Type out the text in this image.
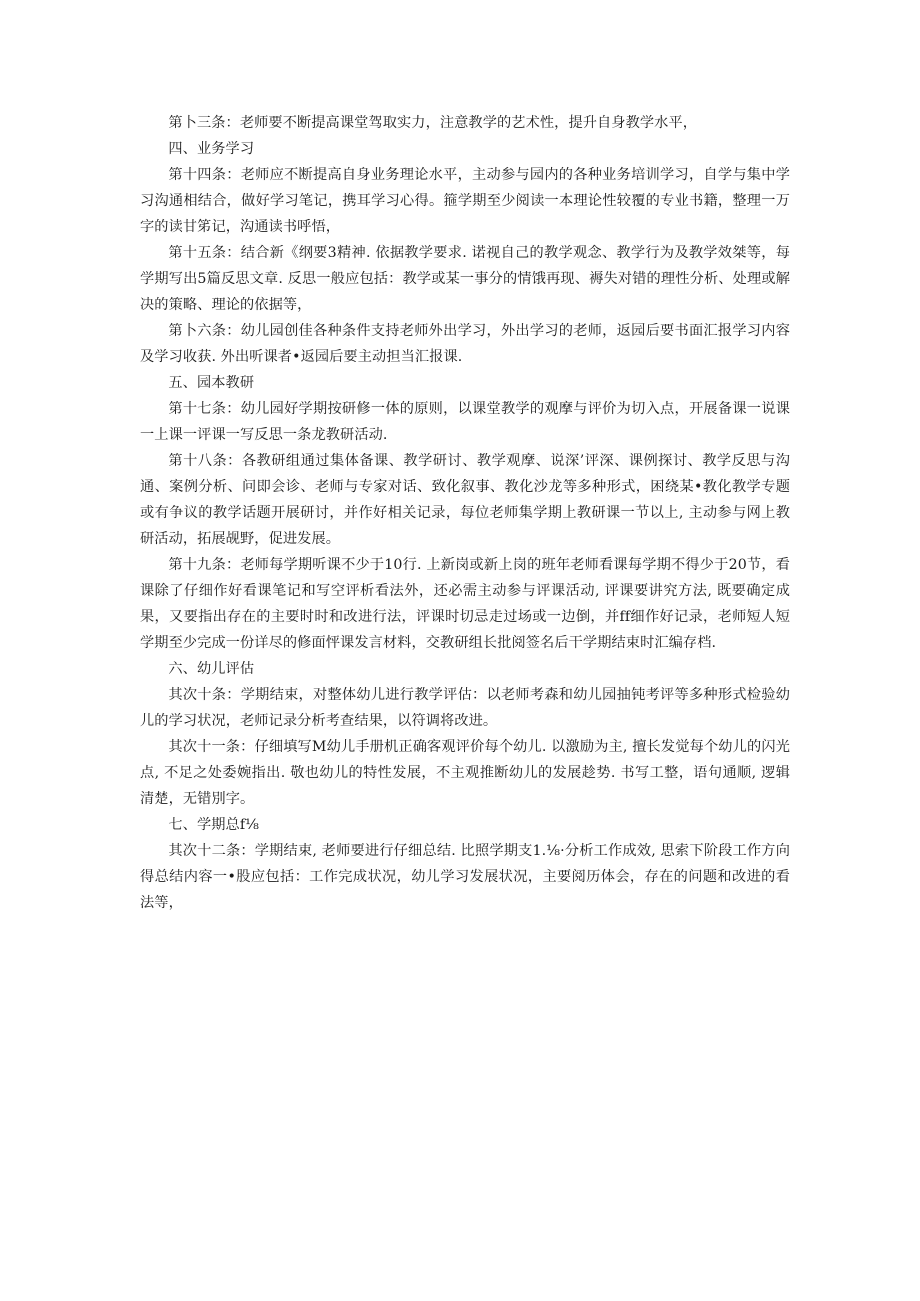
第卜三条：老师要不断提高课堂驾取实力，注意教学的艺术性，提升自身教学水平，

四、业务学习

第十四条：老师应不断提高自身业务理论水平，主动参与园内的各种业务培训学习，自学与集中学习沟通相结合，做好学习笔记，携耳学习心得。箍学期至少阅读一本理论性较覆的专业书籍，整理一万字的读甘笫记，沟通读书呼悟，

第十五条：结合新《纲要3精神. 依据教学要求. 诺视自己的教学观念、教学行为及教学效桀等，每学期写出5篇反思文章. 反思一般应包括：教学或某一事分的情饿再现、褥失对错的理性分析、处理或解决的策略、理论的依据等，

第卜六条：幼儿园创佳各种条件支持老师外出学习，外出学习的老师，返园后要书面汇报学习内容及学习收获. 外出听课者•返园后要主动担当汇报课.

五、园本教研

第十七条：幼儿园好学期按研修一体的原则，以课堂教学的观摩与评价为切入点，开展备课一说课一上课一评课一写反思一条龙教研活动.

第十八条：各教研组通过集体备课、教学研讨、教学观摩、说深’评深、课例探讨、教学反思与沟通、案例分析、问即会诊、老师与专家对话、致化叙事、教化沙龙等多种形式，困绕某•教化教学专题或有争议的教学话题开展研讨，并作好相关记录，每位老师集学期上教研课一节以上, 主动参与网上教研活动，拓展觇野，促进发展。

第十九条：老师每学期听课不少于10行. 上新岗或新上岗的班年老师看课每学期不得少于20节，看课除了仔细作好看课笔记和写空评析看法外，还必需主动参与评课活动, 评课要讲究方法, 既要确定成果，又要指出存在的主要时时和改进行法，评课时切忌走过场或一边倒，并ff细作好记录，老师短人短学期至少完成一份详尽的修面怦课发言材料，交教研组长批阅签名后干学期结束时汇编存档.

六、幼儿评估

其次十条：学期结束，对整体幼儿进行教学评估：以老师考森和幼儿园抽钝考评等多种形式检验幼儿的学习状况，老师记录分析考查结果，以符调将改进。

其次十一条：仔细填写M幼儿手册机正确客观评价每个幼儿. 以激励为主, 擅长发觉每个幼儿的闪光点, 不足之处委婉指出. 敬也幼儿的特性发展，不主观推断幼儿的发展趁势. 书写工整，语句通顺, 逻辑清楚，无错別字。

七、学期总f⅛

其次十二条：学期结束, 老师要进行仔细总结. 比照学期支1.⅛·分析工作成效, 思索下阶段工作方向得总结内容一•股应包括：工作完成状况，幼儿学习发展状况，主要阅历体会，存在的问题和改进的看法等，
